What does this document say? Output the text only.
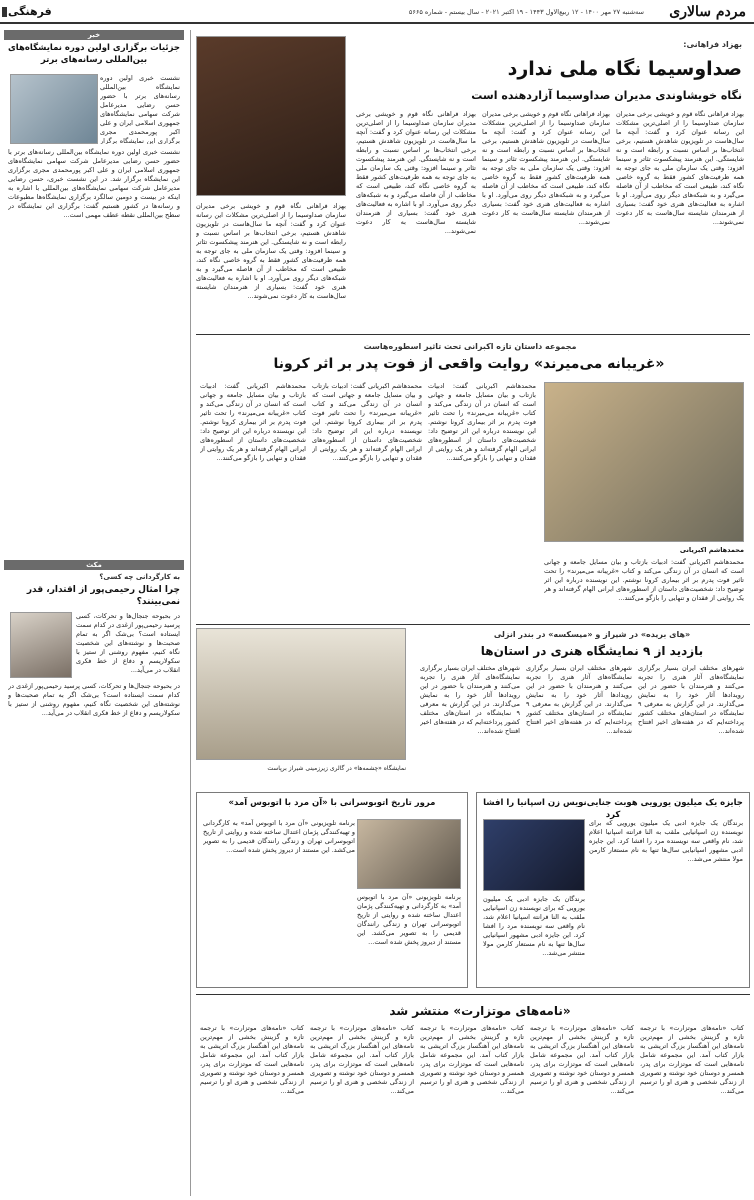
مردم سالاری
سه‌شنبه ۲۷ مهر ۱۴۰۰ - ۱۲ ربیع‌الاول ۱۴۴۳ - ۱۹ اکتبر ۲۰۲۱ - سال بیستم - شماره ۵۶۶۵
فرهنگی
خبر
جزئیات برگزاری اولین دوره نمایشگاه‌های بین‌المللی رسانه‌های برتر
نشست خبری اولین دوره نمایشگاه بین‌المللی رسانه‌های برتر با حضور حسن رضایی مدیرعامل شرکت سهامی نمایشگاه‌های جمهوری اسلامی ایران و علی اکبر پورمحمدی مجری برگزاری این نمایشگاه برگزار
نشست خبری اولین دوره نمایشگاه بین‌المللی رسانه‌های برتر با حضور حسن رضایی مدیرعامل شرکت سهامی نمایشگاه‌های جمهوری اسلامی ایران و علی اکبر پورمحمدی مجری برگزاری این نمایشگاه برگزار شد. در این نشست خبری، حسن رضایی مدیرعامل شرکت سهامی نمایشگاه‌های بین‌المللی با اشاره به اینکه در بیست و دومین سالگرد برگزاری نمایشگاه‌ها مطبوعات و رسانه‌ها در کشور هستیم گفت: برگزاری این نمایشگاه در سطح بین‌المللی نقطه عطف مهمی است...
مکث
به کارگردانی چه کسی؟
چرا امثال رحیمی‌پور از اقتدار، قدر نمی‌بینند؟
در بحبوحه جنجال‌ها و تحرکات، کسی پرسید رحیمی‌پور ازغدی در کدام سمت ایستاده است؟ بی‌شک اگر به تمام صحبت‌ها و نوشته‌های این شخصیت نگاه کنیم، مفهوم روشنی از ستیز با سکولاریسم و دفاع از خط فکری انقلاب در می‌آید...
در بحبوحه جنجال‌ها و تحرکات، کسی پرسید رحیمی‌پور ازغدی در کدام سمت ایستاده است؟ بی‌شک اگر به تمام صحبت‌ها و نوشته‌های این شخصیت نگاه کنیم، مفهوم روشنی از ستیز با سکولاریسم و دفاع از خط فکری انقلاب در می‌آید...
بهزاد فراهانی:
صداوسیما نگاه ملی ندارد
نگاه خویشاوندی مدیران صداوسیما آزاردهنده است
بهزاد فراهانی نگاه قوم و خویشی برخی مدیران سازمان صداوسیما را از اصلی‌ترین مشکلات این رسانه عنوان کرد و گفت: آنچه ما سال‌هاست در تلویزیون شاهدش هستیم، برخی انتخاب‌ها بر اساس نسبت و رابطه است و نه شایستگی. این هنرمند پیشکسوت تئاتر و سینما افزود: وقتی یک سازمان ملی به جای توجه به همه ظرفیت‌های کشور فقط به گروه خاصی نگاه کند، طبیعی است که مخاطب از آن فاصله می‌گیرد و به شبکه‌های دیگر روی می‌آورد. او با اشاره به فعالیت‌های هنری خود گفت: بسیاری از هنرمندان شایسته سال‌هاست به کار دعوت نمی‌شوند...
بهزاد فراهانی نگاه قوم و خویشی برخی مدیران سازمان صداوسیما را از اصلی‌ترین مشکلات این رسانه عنوان کرد و گفت: آنچه ما سال‌هاست در تلویزیون شاهدش هستیم، برخی انتخاب‌ها بر اساس نسبت و رابطه است و نه شایستگی. این هنرمند پیشکسوت تئاتر و سینما افزود: وقتی یک سازمان ملی به جای توجه به همه ظرفیت‌های کشور فقط به گروه خاصی نگاه کند، طبیعی است که مخاطب از آن فاصله می‌گیرد و به شبکه‌های دیگر روی می‌آورد. او با اشاره به فعالیت‌های هنری خود گفت: بسیاری از هنرمندان شایسته سال‌هاست به کار دعوت نمی‌شوند...
بهزاد فراهانی نگاه قوم و خویشی برخی مدیران سازمان صداوسیما را از اصلی‌ترین مشکلات این رسانه عنوان کرد و گفت: آنچه ما سال‌هاست در تلویزیون شاهدش هستیم، برخی انتخاب‌ها بر اساس نسبت و رابطه است و نه شایستگی. این هنرمند پیشکسوت تئاتر و سینما افزود: وقتی یک سازمان ملی به جای توجه به همه ظرفیت‌های کشور فقط به گروه خاصی نگاه کند، طبیعی است که مخاطب از آن فاصله می‌گیرد و به شبکه‌های دیگر روی می‌آورد. او با اشاره به فعالیت‌های هنری خود گفت: بسیاری از هنرمندان شایسته سال‌هاست به کار دعوت نمی‌شوند...
بهزاد فراهانی نگاه قوم و خویشی برخی مدیران سازمان صداوسیما را از اصلی‌ترین مشکلات این رسانه عنوان کرد و گفت: آنچه ما سال‌هاست در تلویزیون شاهدش هستیم، برخی انتخاب‌ها بر اساس نسبت و رابطه است و نه شایستگی. این هنرمند پیشکسوت تئاتر و سینما افزود: وقتی یک سازمان ملی به جای توجه به همه ظرفیت‌های کشور فقط به گروه خاصی نگاه کند، طبیعی است که مخاطب از آن فاصله می‌گیرد و به شبکه‌های دیگر روی می‌آورد. او با اشاره به فعالیت‌های هنری خود گفت: بسیاری از هنرمندان شایسته سال‌هاست به کار دعوت نمی‌شوند...
مجموعه داستان تازه اکبرانی تحت تاثیر اسطوره‌هاست
«غریبانه می‌میرند» روایت واقعی از فوت پدر بر اثر کرونا
محمدهاشم اکبریانی
محمدهاشم اکبریانی گفت: ادبیات بازتاب و بیان مسایل جامعه و جهانی است که انسان در آن زندگی می‌کند و کتاب «غریبانه می‌میرند» را تحت تاثیر فوت پدرم بر اثر بیماری کرونا نوشتم. این نویسنده درباره این اثر توضیح داد: شخصیت‌های داستان از اسطوره‌های ایرانی الهام گرفته‌اند و هر یک روایتی از فقدان و تنهایی را بازگو می‌کنند...
محمدهاشم اکبریانی گفت: ادبیات بازتاب و بیان مسایل جامعه و جهانی است که انسان در آن زندگی می‌کند و کتاب «غریبانه می‌میرند» را تحت تاثیر فوت پدرم بر اثر بیماری کرونا نوشتم. این نویسنده درباره این اثر توضیح داد: شخصیت‌های داستان از اسطوره‌های ایرانی الهام گرفته‌اند و هر یک روایتی از فقدان و تنهایی را بازگو می‌کنند...
محمدهاشم اکبریانی گفت: ادبیات بازتاب و بیان مسایل جامعه و جهانی است که انسان در آن زندگی می‌کند و کتاب «غریبانه می‌میرند» را تحت تاثیر فوت پدرم بر اثر بیماری کرونا نوشتم. این نویسنده درباره این اثر توضیح داد: شخصیت‌های داستان از اسطوره‌های ایرانی الهام گرفته‌اند و هر یک روایتی از فقدان و تنهایی را بازگو می‌کنند...
محمدهاشم اکبریانی گفت: ادبیات بازتاب و بیان مسایل جامعه و جهانی است که انسان در آن زندگی می‌کند و کتاب «غریبانه می‌میرند» را تحت تاثیر فوت پدرم بر اثر بیماری کرونا نوشتم. این نویسنده درباره این اثر توضیح داد: شخصیت‌های داستان از اسطوره‌های ایرانی الهام گرفته‌اند و هر یک روایتی از فقدان و تنهایی را بازگو می‌کنند...
«های بریده» در شیراز و «میسکسه» در بندر انزلی
بازدید از ۹ نمایشگاه هنری در استان‌ها
نمایشگاه «چشمه‌ها» در گالری زیرزمینی شیراز برپاست
شهرهای مختلف ایران بسیار برگزاری نمایشگاه‌های آثار هنری را تجربه می‌کنند و هنرمندان با حضور در این رویدادها آثار خود را به نمایش می‌گذارند. در این گزارش به معرفی ۹ نمایشگاه در استان‌های مختلف کشور پرداخته‌ایم که در هفته‌های اخیر افتتاح شده‌اند...
شهرهای مختلف ایران بسیار برگزاری نمایشگاه‌های آثار هنری را تجربه می‌کنند و هنرمندان با حضور در این رویدادها آثار خود را به نمایش می‌گذارند. در این گزارش به معرفی ۹ نمایشگاه در استان‌های مختلف کشور پرداخته‌ایم که در هفته‌های اخیر افتتاح شده‌اند...
شهرهای مختلف ایران بسیار برگزاری نمایشگاه‌های آثار هنری را تجربه می‌کنند و هنرمندان با حضور در این رویدادها آثار خود را به نمایش می‌گذارند. در این گزارش به معرفی ۹ نمایشگاه در استان‌های مختلف کشور پرداخته‌ایم که در هفته‌های اخیر افتتاح شده‌اند...
جایزه یک میلیون یورویی هوبت جنایی‌نویس زن اسپانیا را افشا کرد
برندگان یک جایزه ادبی یک میلیون یورویی که برای نویسنده زن اسپانیایی ملقب به النا فرانته اسپانیا اعلام شد، نام واقعی سه نویسنده مرد را افشا کرد. این جایزه ادبی مشهور اسپانیایی سال‌ها تنها به نام مستعار کارمن مولا منتشر می‌شد...
برندگان یک جایزه ادبی یک میلیون یورویی که برای نویسنده زن اسپانیایی ملقب به النا فرانته اسپانیا اعلام شد، نام واقعی سه نویسنده مرد را افشا کرد. این جایزه ادبی مشهور اسپانیایی سال‌ها تنها به نام مستعار کارمن مولا منتشر می‌شد...
مرور تاریخ اتوبوسرانی با «آن مرد با اتوبوس آمد»
برنامه تلویزیونی «آن مرد با اتوبوس آمد» به کارگردانی و تهیه‌کنندگی پژمان اعتدال ساخته شده و روایتی از تاریخ اتوبوسرانی تهران و زندگی رانندگان قدیمی را به تصویر می‌کشد. این مستند از دیروز پخش شده است...
برنامه تلویزیونی «آن مرد با اتوبوس آمد» به کارگردانی و تهیه‌کنندگی پژمان اعتدال ساخته شده و روایتی از تاریخ اتوبوسرانی تهران و زندگی رانندگان قدیمی را به تصویر می‌کشد. این مستند از دیروز پخش شده است...
«نامه‌های موتزارت» منتشر شد
کتاب «نامه‌های موتزارت» با ترجمه تازه و گزینش بخشی از مهم‌ترین نامه‌های این آهنگساز بزرگ اتریشی به بازار کتاب آمد. این مجموعه شامل نامه‌هایی است که موتزارت برای پدر، همسر و دوستان خود نوشته و تصویری از زندگی شخصی و هنری او را ترسیم می‌کند...
کتاب «نامه‌های موتزارت» با ترجمه تازه و گزینش بخشی از مهم‌ترین نامه‌های این آهنگساز بزرگ اتریشی به بازار کتاب آمد. این مجموعه شامل نامه‌هایی است که موتزارت برای پدر، همسر و دوستان خود نوشته و تصویری از زندگی شخصی و هنری او را ترسیم می‌کند...
کتاب «نامه‌های موتزارت» با ترجمه تازه و گزینش بخشی از مهم‌ترین نامه‌های این آهنگساز بزرگ اتریشی به بازار کتاب آمد. این مجموعه شامل نامه‌هایی است که موتزارت برای پدر، همسر و دوستان خود نوشته و تصویری از زندگی شخصی و هنری او را ترسیم می‌کند...
کتاب «نامه‌های موتزارت» با ترجمه تازه و گزینش بخشی از مهم‌ترین نامه‌های این آهنگساز بزرگ اتریشی به بازار کتاب آمد. این مجموعه شامل نامه‌هایی است که موتزارت برای پدر، همسر و دوستان خود نوشته و تصویری از زندگی شخصی و هنری او را ترسیم می‌کند...
کتاب «نامه‌های موتزارت» با ترجمه تازه و گزینش بخشی از مهم‌ترین نامه‌های این آهنگساز بزرگ اتریشی به بازار کتاب آمد. این مجموعه شامل نامه‌هایی است که موتزارت برای پدر، همسر و دوستان خود نوشته و تصویری از زندگی شخصی و هنری او را ترسیم می‌کند...
